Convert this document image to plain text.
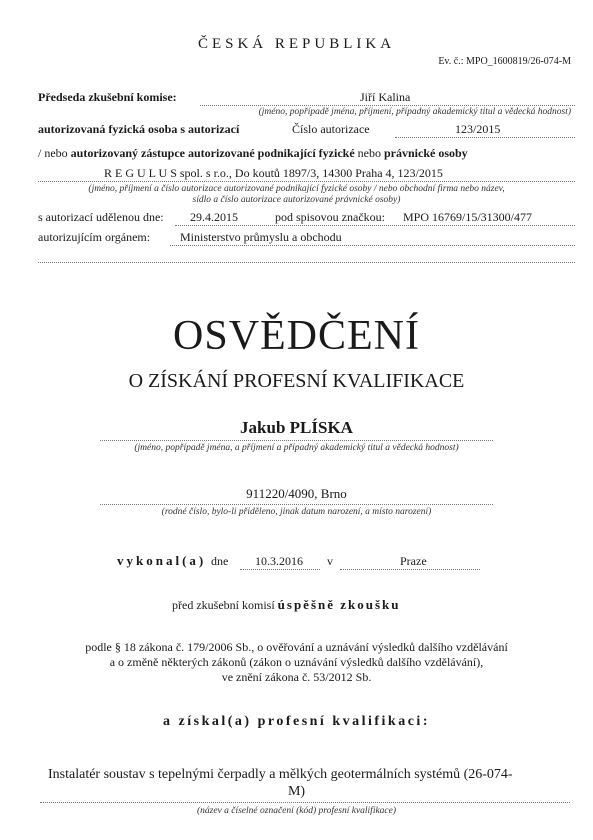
ČESKÁ REPUBLIKA
Ev. č.: MPO_1600819/26-074-M
Předseda zkušební komise:	Jiří Kalina
(jméno, popřípadě jména, příjmení, případný akademický titul a vědecká hodnost)
autorizovaná fyzická osoba s autorizací	Číslo autorizace	123/2015
/ nebo autorizovaný zástupce autorizované podnikající fyzické nebo právnické osoby
R E G U L U S spol. s r.o., Do koutů 1897/3, 14300 Praha 4, 123/2015
(jméno, příjmení a číslo autorizace autorizované podnikající fyzické osoby / nebo obchodní firma nebo název,
sídlo a číslo autorizace autorizované právnické osoby)
s autorizací udělenou dne: 29.4.2015	pod spisovou značkou: MPO 16769/15/31300/477
autorizujícím orgánem: Ministerstvo průmyslu a obchodu
OSVĚDČENÍ
O ZÍSKÁNÍ PROFESNÍ KVALIFIKACE
Jakub PLÍSKA
(jméno, popřípadě jména, a příjmení a případný akademický titul a vědecká hodnost)
911220/4090, Brno
(rodné číslo, bylo-li přiděleno, jinak datum narození, a místo narození)
vykonal(a) dne 10.3.2016 v	Praze
před zkušební komisí úspěšně zkoušku
podle § 18 zákona č. 179/2006 Sb., o ověřování a uznávání výsledků dalšího vzdělávání
a o změně některých zákonů (zákon o uznávání výsledků dalšího vzdělávání),
ve znění zákona č. 53/2012 Sb.
a získal(a) profesní kvalifikaci:
Instalatér soustav s tepelnými čerpadly a mělkých geotermálních systémů (26-074-
M)
(název a číselné označení (kód) profesní kvalifikace)
